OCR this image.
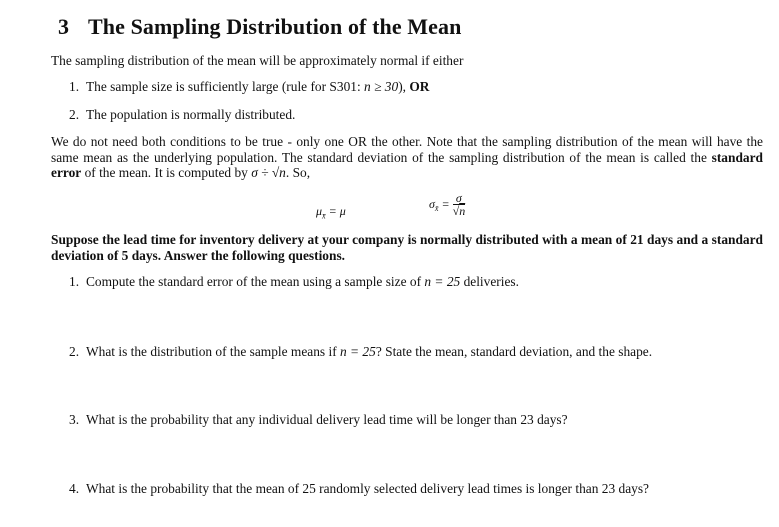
3 The Sampling Distribution of the Mean

The sampling distribution of the mean will be approximately normal if either

1. The sample size is sufficiently large (rule for S301: n ≥ 30), OR

2. The population is normally distributed.

We do not need both conditions to be true - only one OR the other. Note that the sampling distribution of the mean will have the same mean as the underlying population. The standard deviation of the sampling distribution of the mean is called the standard error of the mean. It is computed by σ ÷ √n. So,

$\mu_{x̄} = \mu$
$\sigma_{x̄} = \frac{\sigma}{√n}$

Suppose the lead time for inventory delivery at your company is normally distributed with a mean of 21 days and a standard deviation of 5 days. Answer the following questions.

1. Compute the standard error of the mean using a sample size of n = 25 deliveries.

2. What is the distribution of the sample means if n = 25? State the mean, standard deviation, and the shape.

3. What is the probability that any individual delivery lead time will be longer than 23 days?

4. What is the probability that the mean of 25 randomly selected delivery lead times is longer than 23 days?
